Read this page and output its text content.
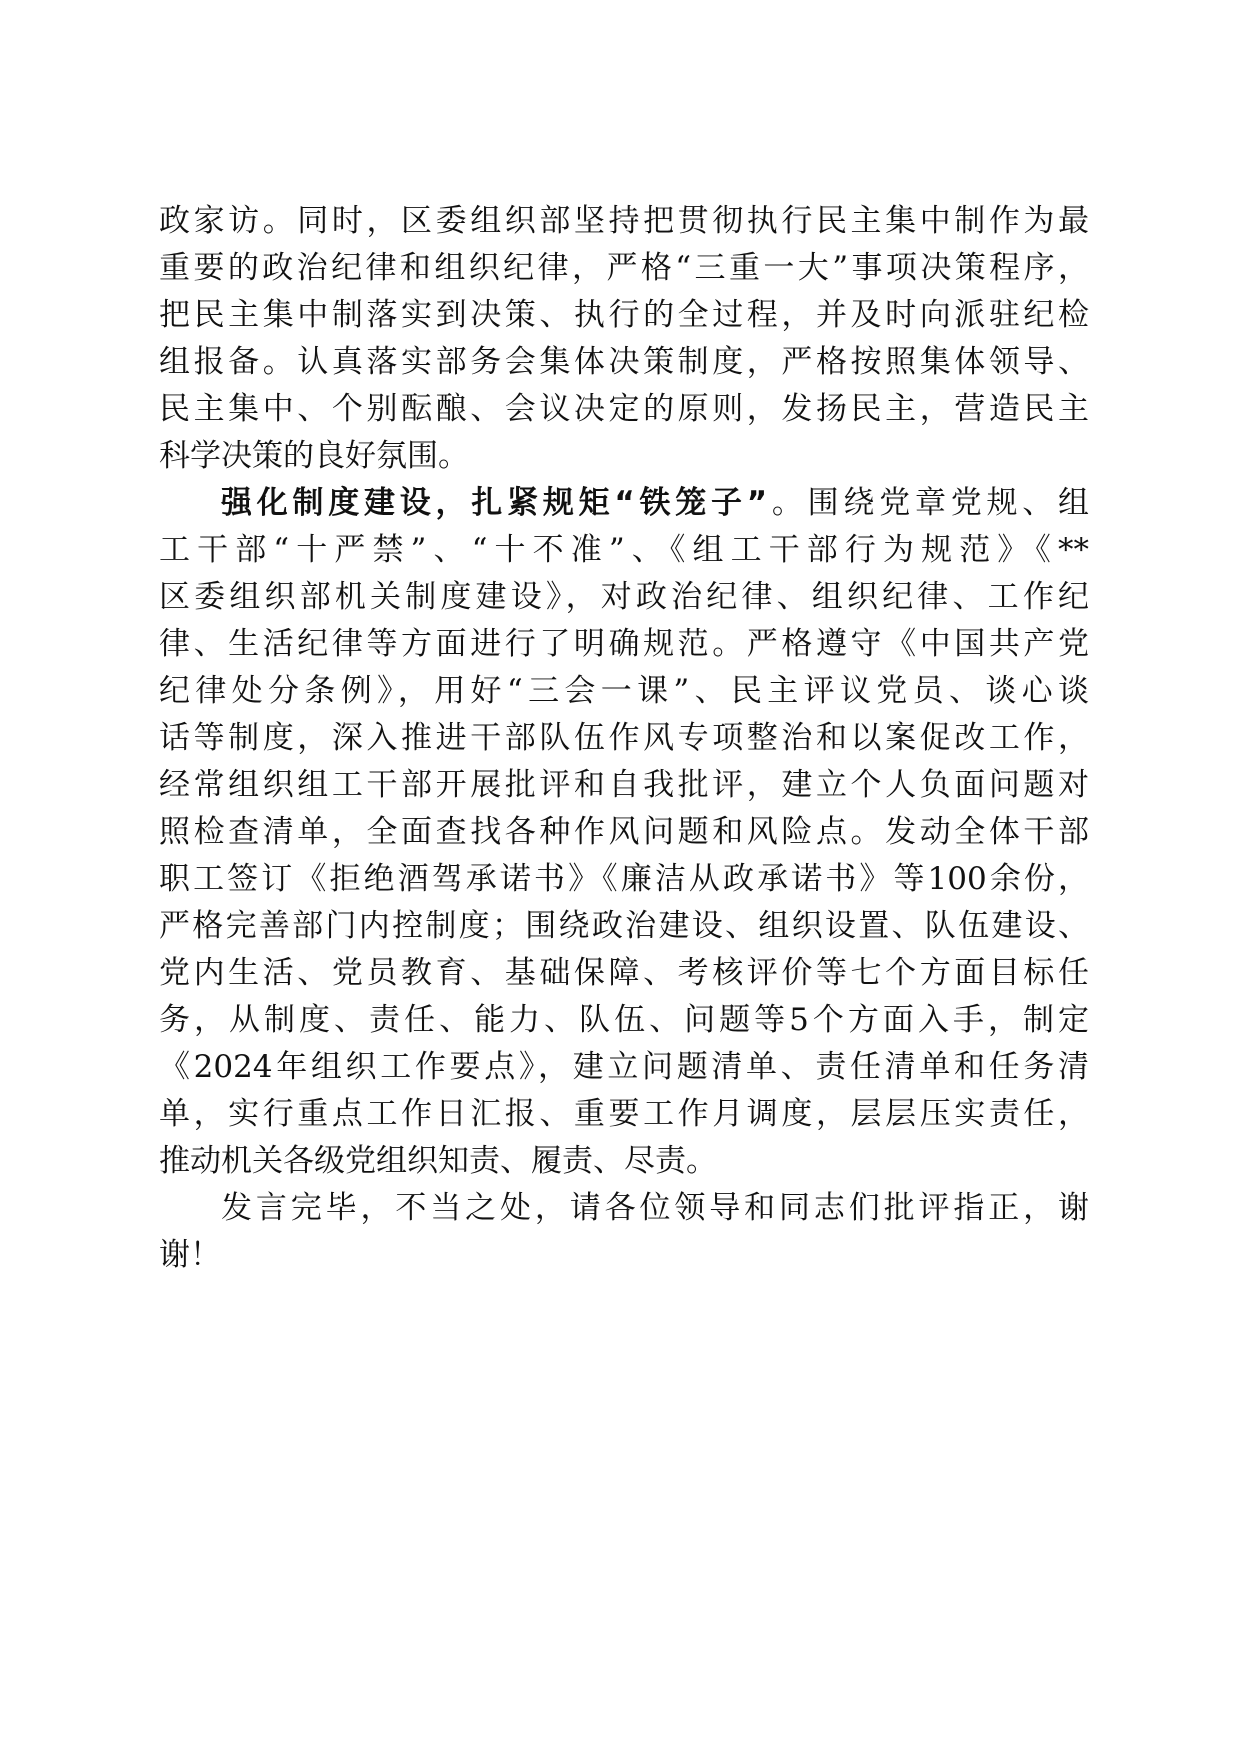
政家访。同时，区委组织部坚持把贯彻执行民主集中制作为最
重要的政治纪律和组织纪律，严格“三重一大”事项决策程序，
把民主集中制落实到决策、执行的全过程，并及时向派驻纪检
组报备。认真落实部务会集体决策制度，严格按照集体领导、
民主集中、个别酝酿、会议决定的原则，发扬民主，营造民主
科学决策的良好氛围。
强化制度建设，扎紧规矩“铁笼子”。围绕党章党规、组
工干部“十严禁”、“十不准”、《组工干部行为规范》《**
区委组织部机关制度建设》，对政治纪律、组织纪律、工作纪
律、生活纪律等方面进行了明确规范。严格遵守《中国共产党
纪律处分条例》，用好“三会一课”、民主评议党员、谈心谈
话等制度，深入推进干部队伍作风专项整治和以案促改工作，
经常组织组工干部开展批评和自我批评，建立个人负面问题对
照检查清单，全面查找各种作风问题和风险点。发动全体干部
职工签订《拒绝酒驾承诺书》《廉洁从政承诺书》等100余份，
严格完善部门内控制度；围绕政治建设、组织设置、队伍建设、
党内生活、党员教育、基础保障、考核评价等七个方面目标任
务，从制度、责任、能力、队伍、问题等5个方面入手，制定
《2024年组织工作要点》，建立问题清单、责任清单和任务清
单，实行重点工作日汇报、重要工作月调度，层层压实责任，
推动机关各级党组织知责、履责、尽责。
发言完毕，不当之处，请各位领导和同志们批评指正，谢
谢！
